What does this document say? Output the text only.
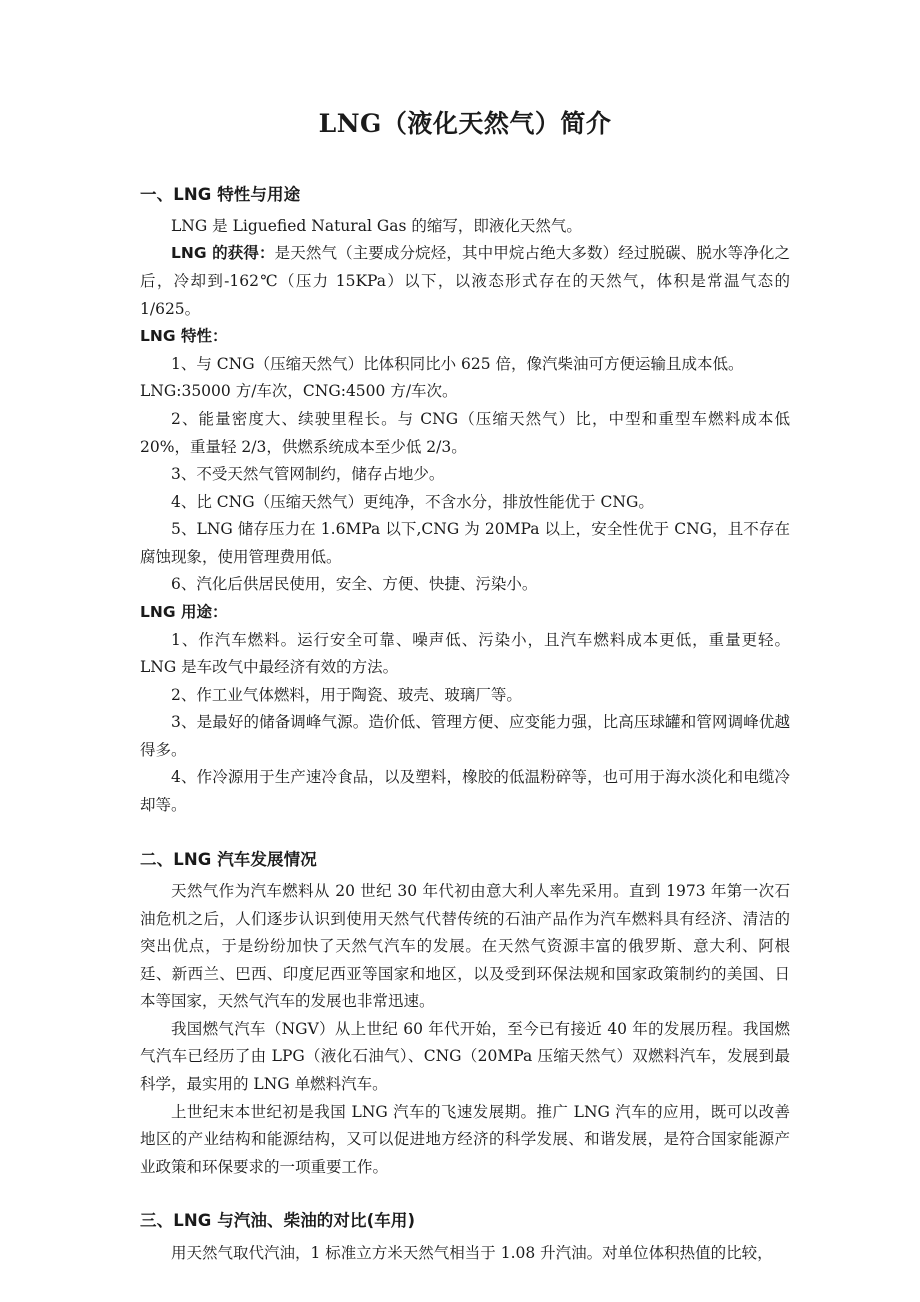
LNG（液化天然气）简介
一、LNG 特性与用途

LNG 是 Liguefied Natural Gas 的缩写，即液化天然气。

LNG 的获得：是天然气（主要成分烷烃，其中甲烷占绝大多数）经过脱碳、脱水等净化之后，冷却到-162℃（压力 15KPa）以下，以液态形式存在的天然气，体积是常温气态的 1/625。

LNG 特性：

1、与 CNG（压缩天然气）比体积同比小 625 倍，像汽柴油可方便运输且成本低。

LNG:35000 方/车次，CNG:4500 方/车次。

2、能量密度大、续驶里程长。与 CNG（压缩天然气）比，中型和重型车燃料成本低 20%，重量轻 2/3，供燃系统成本至少低 2/3。

3、不受天然气管网制约，储存占地少。

4、比 CNG（压缩天然气）更纯净，不含水分，排放性能优于 CNG。

5、LNG 储存压力在 1.6MPa 以下,CNG 为 20MPa 以上，安全性优于 CNG，且不存在腐蚀现象，使用管理费用低。

6、汽化后供居民使用，安全、方便、快捷、污染小。

LNG 用途：

1、作汽车燃料。运行安全可靠、噪声低、污染小，且汽车燃料成本更低，重量更轻。LNG 是车改气中最经济有效的方法。

2、作工业气体燃料，用于陶瓷、玻壳、玻璃厂等。

3、是最好的储备调峰气源。造价低、管理方便、应变能力强，比高压球罐和管网调峰优越得多。

4、作冷源用于生产速冷食品，以及塑料，橡胶的低温粉碎等，也可用于海水淡化和电缆冷却等。

二、LNG 汽车发展情况

天然气作为汽车燃料从 20 世纪 30 年代初由意大利人率先采用。直到 1973 年第一次石油危机之后，人们逐步认识到使用天然气代替传统的石油产品作为汽车燃料具有经济、清洁的突出优点，于是纷纷加快了天然气汽车的发展。在天然气资源丰富的俄罗斯、意大利、阿根廷、新西兰、巴西、印度尼西亚等国家和地区，以及受到环保法规和国家政策制约的美国、日本等国家，天然气汽车的发展也非常迅速。

我国燃气汽车（NGV）从上世纪 60 年代开始，至今已有接近 40 年的发展历程。我国燃气汽车已经历了由 LPG（液化石油气）、CNG（20MPa 压缩天然气）双燃料汽车，发展到最科学，最实用的 LNG 单燃料汽车。

上世纪末本世纪初是我国 LNG 汽车的飞速发展期。推广 LNG 汽车的应用，既可以改善地区的产业结构和能源结构，又可以促进地方经济的科学发展、和谐发展，是符合国家能源产业政策和环保要求的一项重要工作。

三、LNG 与汽油、柴油的对比(车用)

用天然气取代汽油，1 标准立方米天然气相当于 1.08 升汽油。对单位体积热值的比较，
